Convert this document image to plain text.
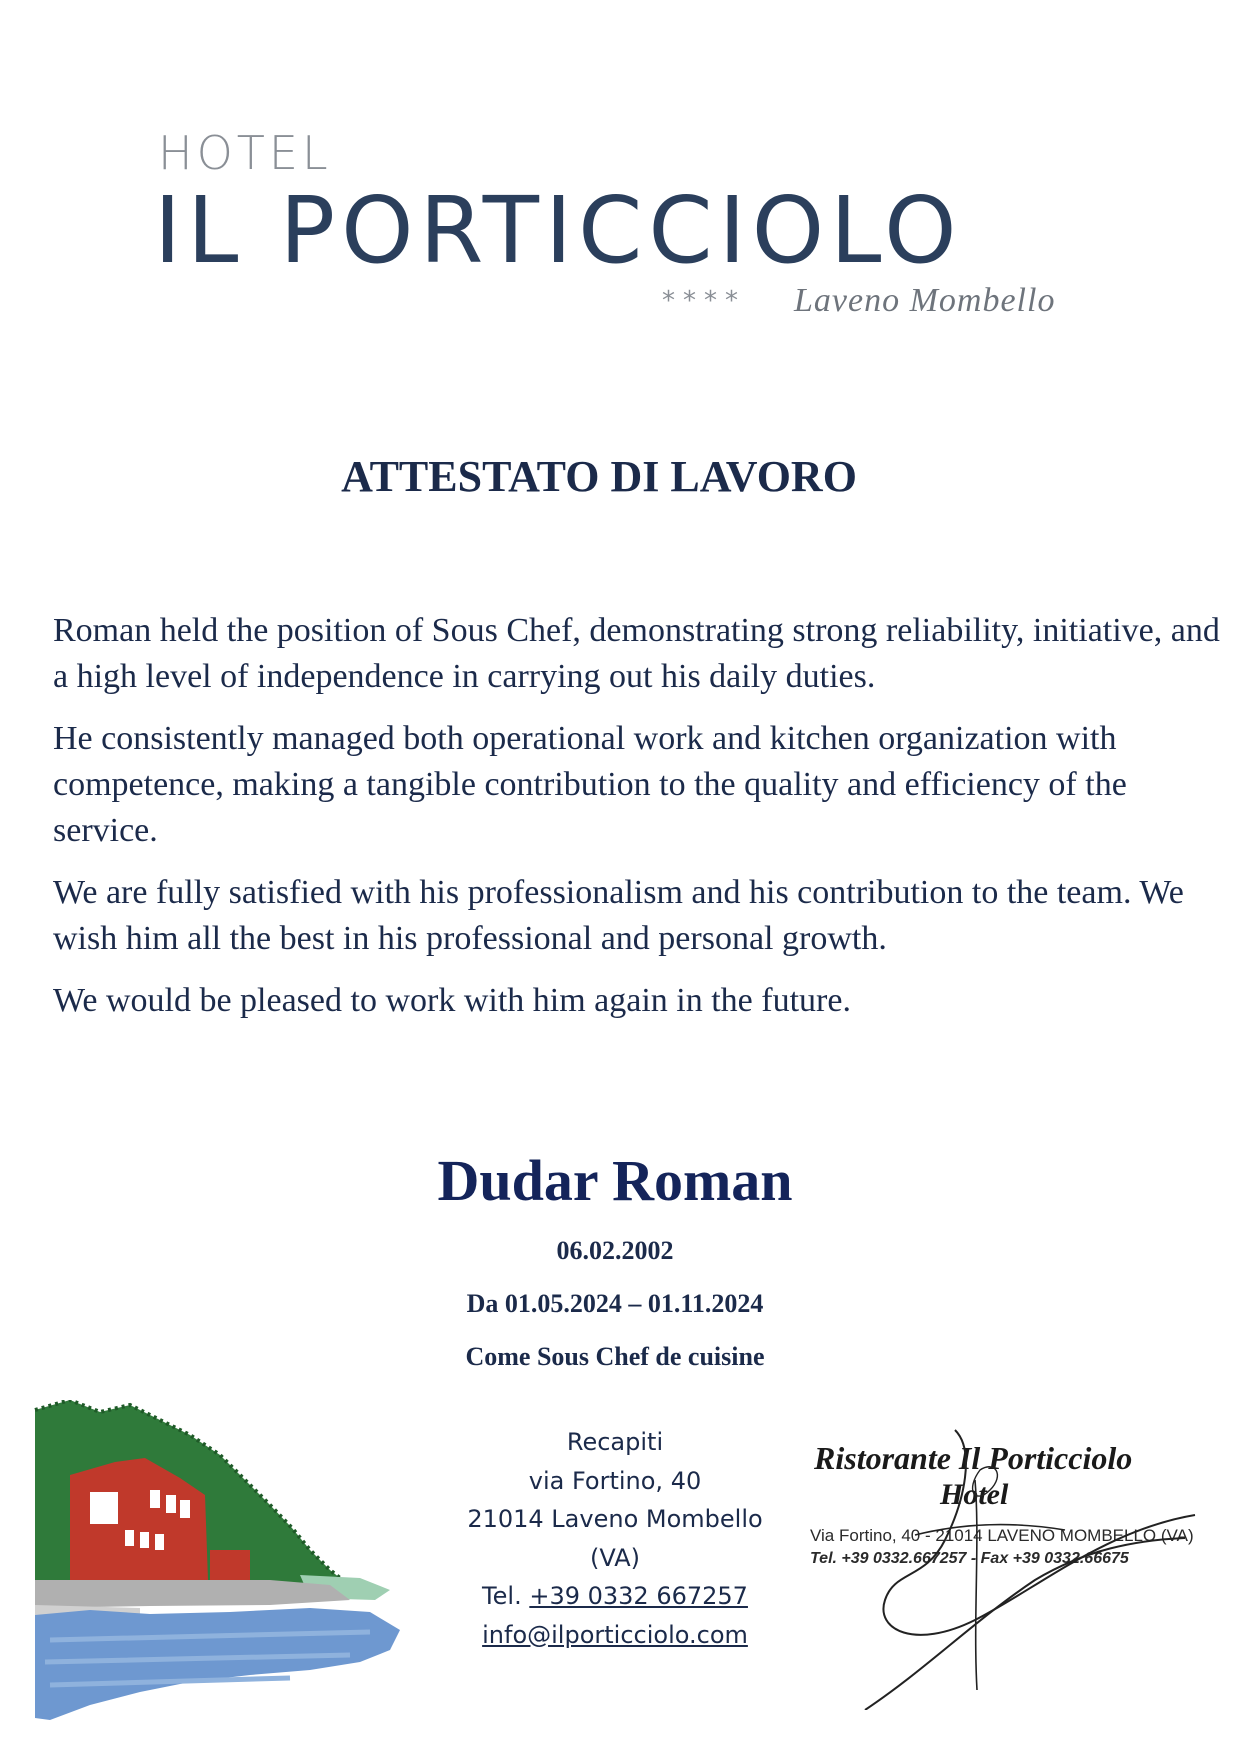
HOTEL
IL PORTICCIOLO
**** Laveno Mombello
ATTESTATO DI LAVORO

Roman held the position of Sous Chef, demonstrating strong reliability, initiative, and a high level of independence in carrying out his daily duties.

He consistently managed both operational work and kitchen organization with competence, making a tangible contribution to the quality and efficiency of the service.

We are fully satisfied with his professionalism and his contribution to the team. We wish him all the best in his professional and personal growth.

We would be pleased to work with him again in the future.

Dudar Roman
06.02.2002
Da 01.05.2024 – 01.11.2024
Come Sous Chef de cuisine
Recapiti
via Fortino, 40
21014 Laveno Mombello
(VA)
Tel. +39 0332 667257
info@ilporticciolo.com
Ristorante Il Porticciolo
Hotel
Via Fortino, 40 - 21014 LAVENO MOMBELLO (VA)
Tel. +39 0332.667257 - Fax +39 0332.66675
